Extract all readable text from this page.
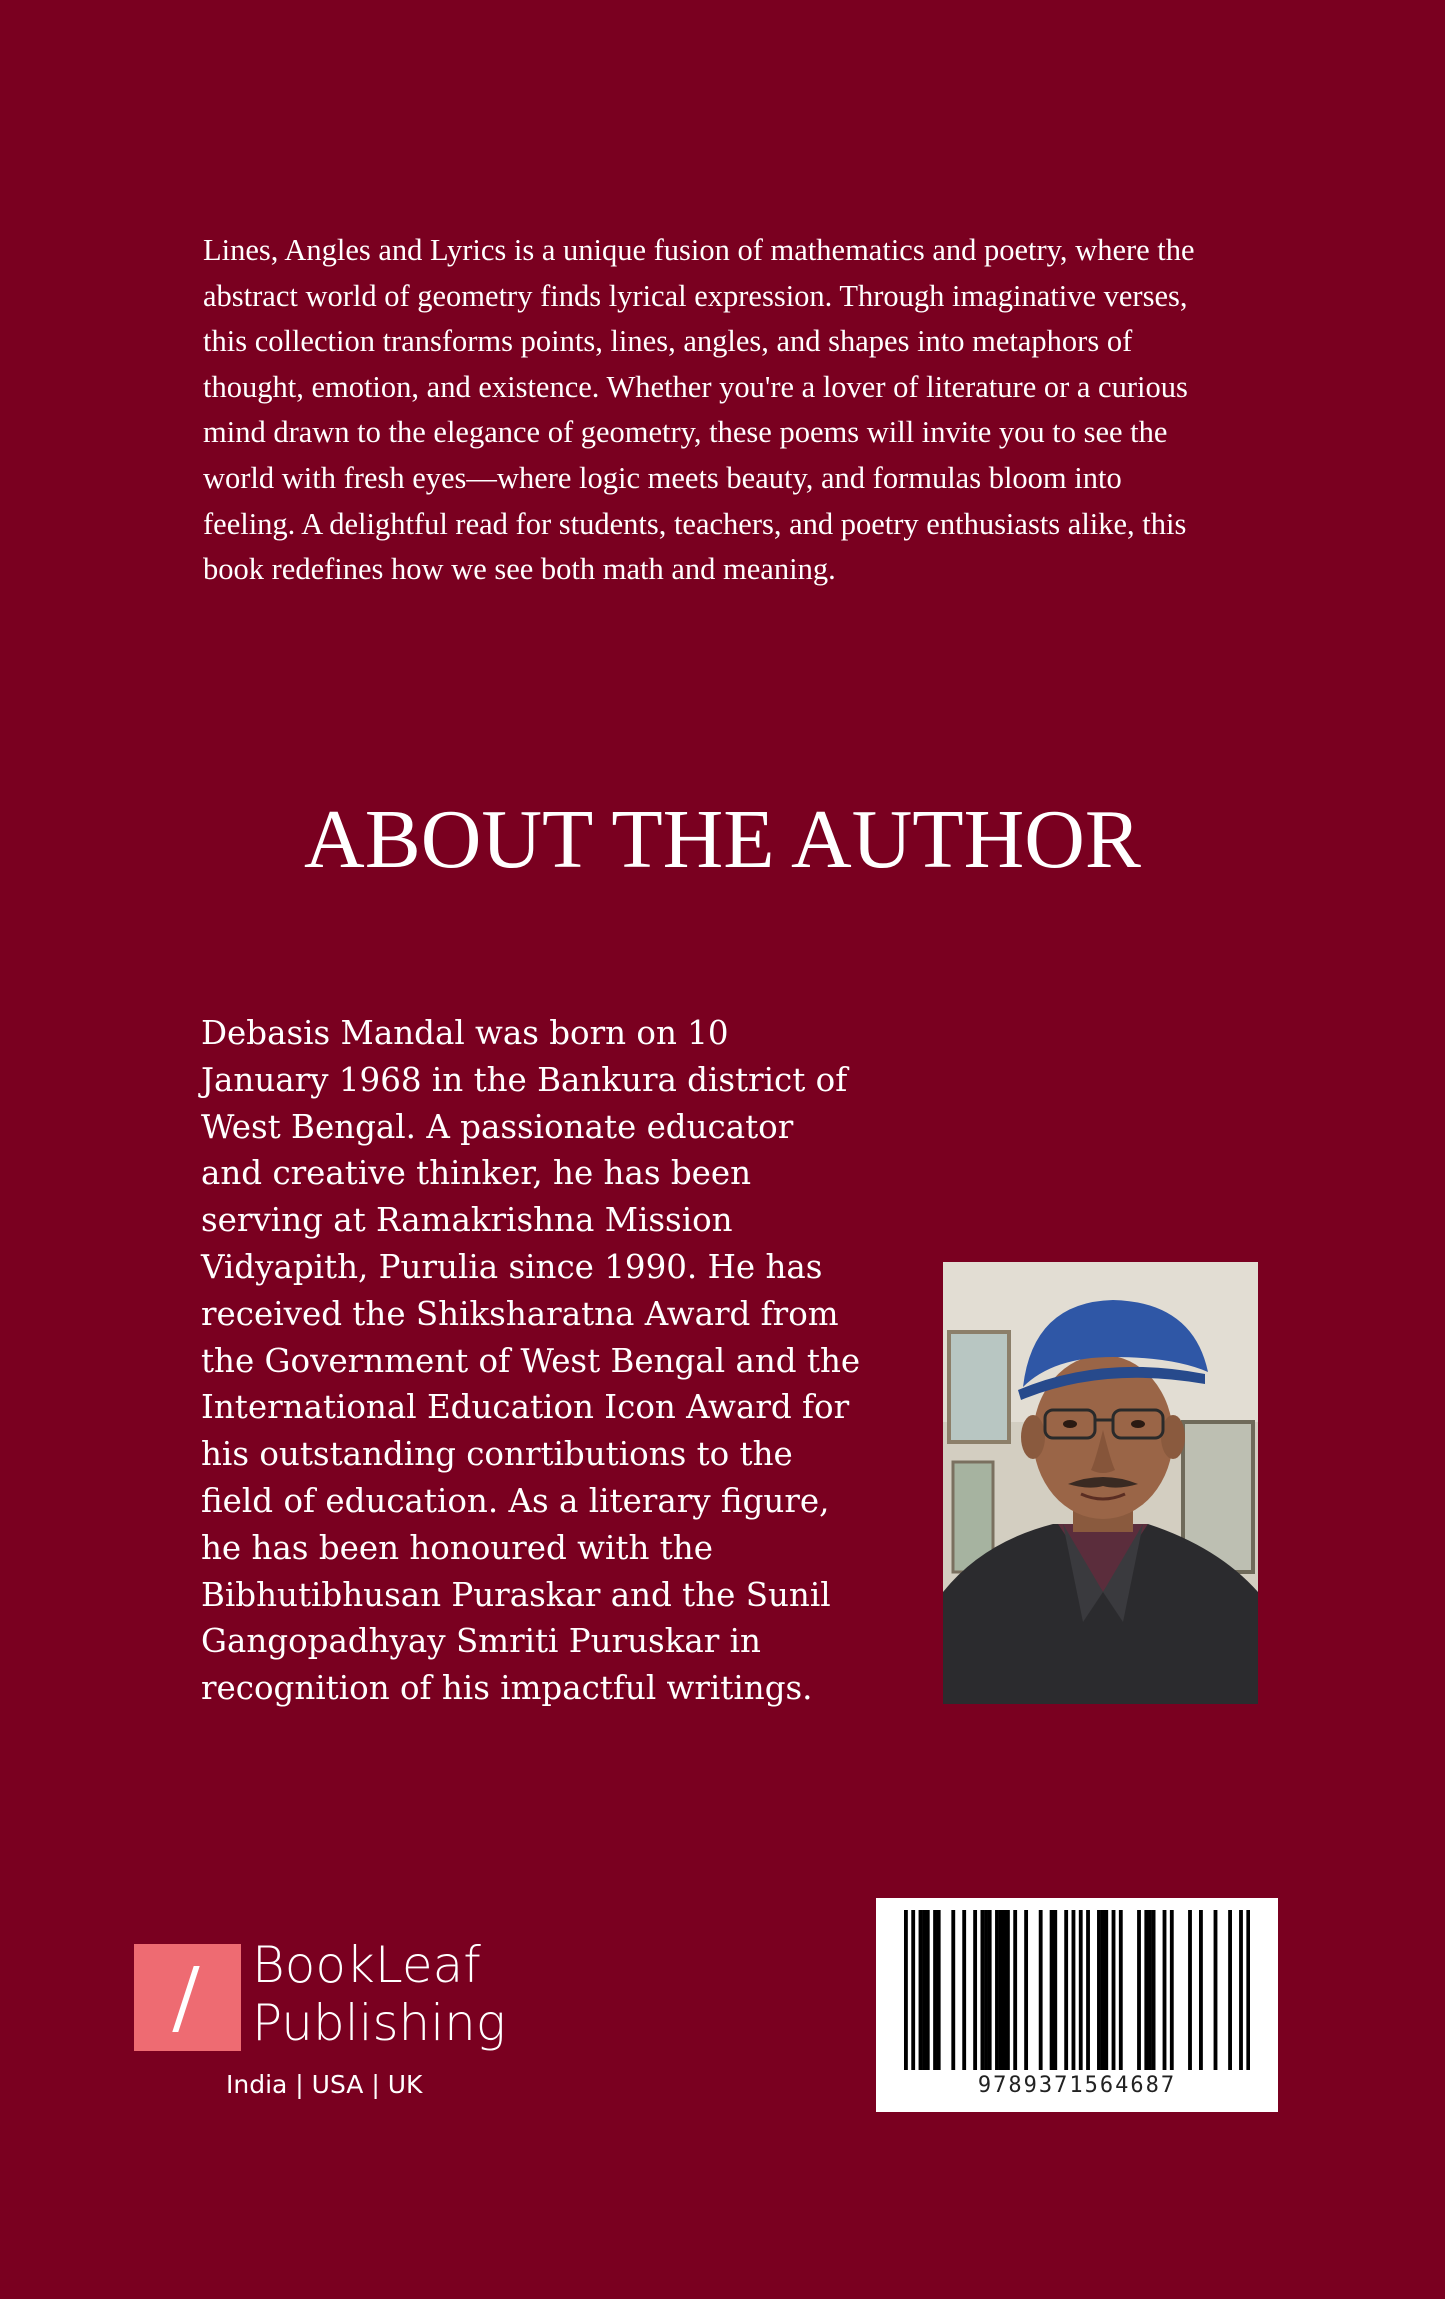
Lines, Angles and Lyrics is a unique fusion of mathematics and poetry, where the abstract world of geometry finds lyrical expression. Through imaginative verses, this collection transforms points, lines, angles, and shapes into metaphors of thought, emotion, and existence. Whether you're a lover of literature or a curious mind drawn to the elegance of geometry, these poems will invite you to see the world with fresh eyes—where logic meets beauty, and formulas bloom into feeling. A delightful read for students, teachers, and poetry enthusiasts alike, this book redefines how we see both math and meaning.

ABOUT THE AUTHOR

Debasis Mandal was born on 10 January 1968 in the Bankura district of West Bengal. A passionate educator and creative thinker, he has been serving at Ramakrishna Mission Vidyapith, Purulia since 1990. He has received the Shiksharatna Award from the Government of West Bengal and the International Education Icon Award for his outstanding conrtibutions to the field of education. As a literary figure, he has been honoured with the Bibhutibhusan Puraskar and the Sunil Gangopadhyay Smriti Puruskar in recognition of his impactful writings.

BookLeaf
Publishing
India | USA | UK	9789371564687
